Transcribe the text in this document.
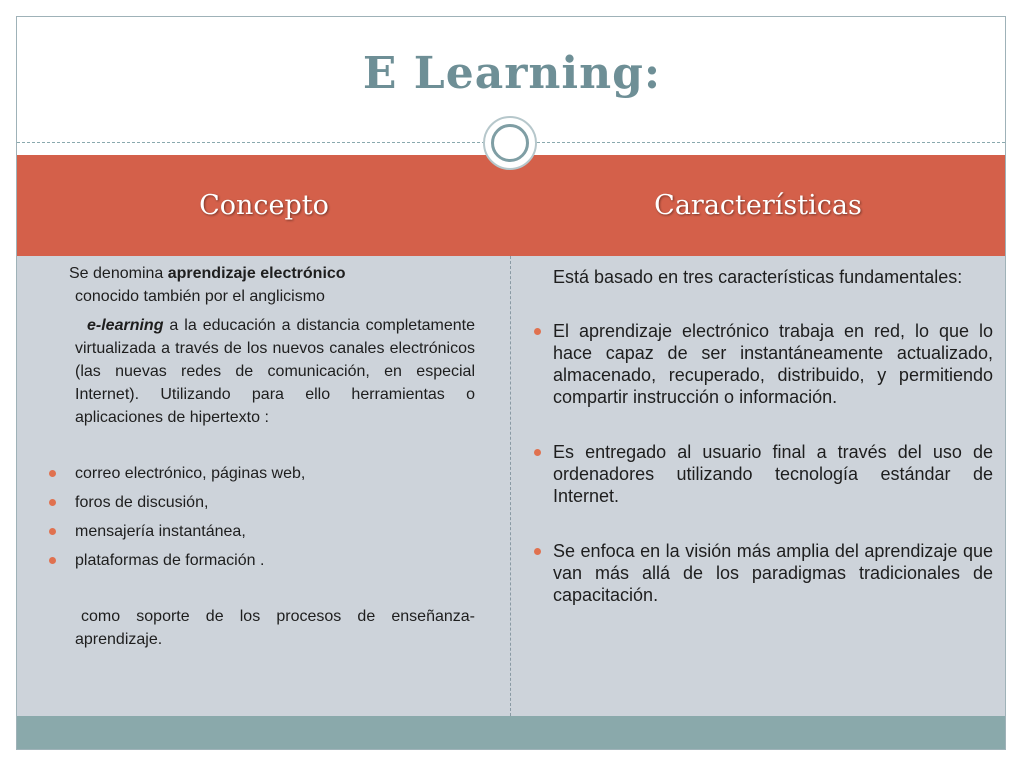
E Learning:
Concepto	Características

Se denomina aprendizaje electrónico
conocido también por el anglicismo

e-learning a la educación a distancia completamente virtualizada a través de los nuevos canales electrónicos (las nuevas redes de comunicación, en especial Internet). Utilizando para ello herramientas o aplicaciones de hipertexto :

correo electrónico, páginas web,
foros de discusión,
mensajería instantánea,
plataformas de formación .

como soporte de los procesos de enseñanza-aprendizaje.

Está basado en tres características fundamentales:

El aprendizaje electrónico trabaja en red, lo que lo hace capaz de ser instantáneamente actualizado, almacenado, recuperado, distribuido, y permitiendo compartir instrucción o información.
Es entregado al usuario final a través del uso de ordenadores utilizando tecnología estándar de Internet.
Se enfoca en la visión más amplia del aprendizaje que van más allá de los paradigmas tradicionales de capacitación.
